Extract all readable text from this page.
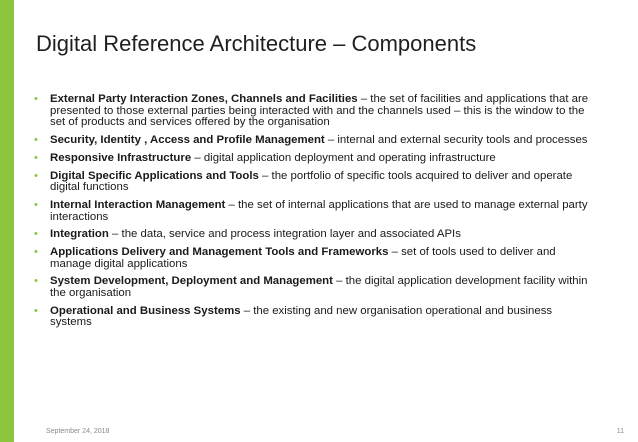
Digital Reference Architecture – Components
• External Party Interaction Zones, Channels and Facilities – the set of facilities and applications that are presented to those external parties being interacted with and the channels used – this is the window to the set of products and services offered by the organisation
• Security, Identity , Access and Profile Management – internal and external security tools and processes
• Responsive Infrastructure – digital application deployment and operating infrastructure
• Digital Specific Applications and Tools – the portfolio of specific tools acquired to deliver and operate digital functions
• Internal Interaction Management – the set of internal applications that are used to manage external party interactions
• Integration – the data, service and process integration layer and associated APIs
• Applications Delivery and Management Tools and Frameworks – set of tools used to deliver and manage digital applications
• System Development, Deployment and Management – the digital application development facility within the organisation
• Operational and Business Systems – the existing and new organisation operational and business systems
September 24, 2018	11
